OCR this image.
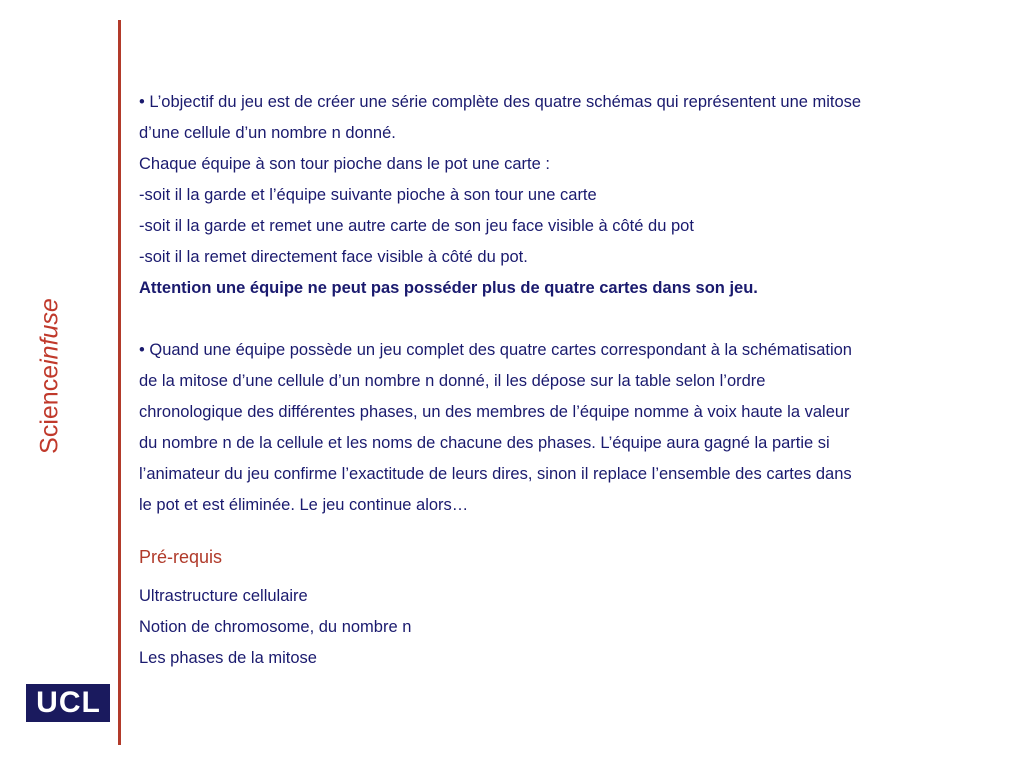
Scienceinfuse
UCL

• L’objectif du jeu est de créer une série complète des quatre schémas qui représentent une mitose

d’une cellule d’un nombre n donné.

Chaque équipe à son tour pioche dans le pot une carte :

-soit il la garde et l’équipe suivante pioche à son tour une carte

-soit il la garde et remet une autre carte de son jeu face visible à côté du pot

-soit il la remet directement face visible à côté du pot.

Attention une équipe ne peut pas posséder plus de quatre cartes dans son jeu.

• Quand une équipe possède un jeu complet des quatre cartes correspondant à la schématisation

de la mitose d’une cellule d’un nombre n donné, il les dépose sur la table selon l’ordre

chronologique des différentes phases, un des membres de l’équipe nomme à voix haute la valeur

du nombre n de la cellule et les noms de chacune des phases. L’équipe aura gagné la partie si

l’animateur du jeu confirme l’exactitude de leurs dires, sinon il replace l’ensemble des cartes dans

le pot et est éliminée. Le jeu continue alors…

Pré-requis

Ultrastructure cellulaire

Notion de chromosome, du nombre n

Les phases de la mitose
